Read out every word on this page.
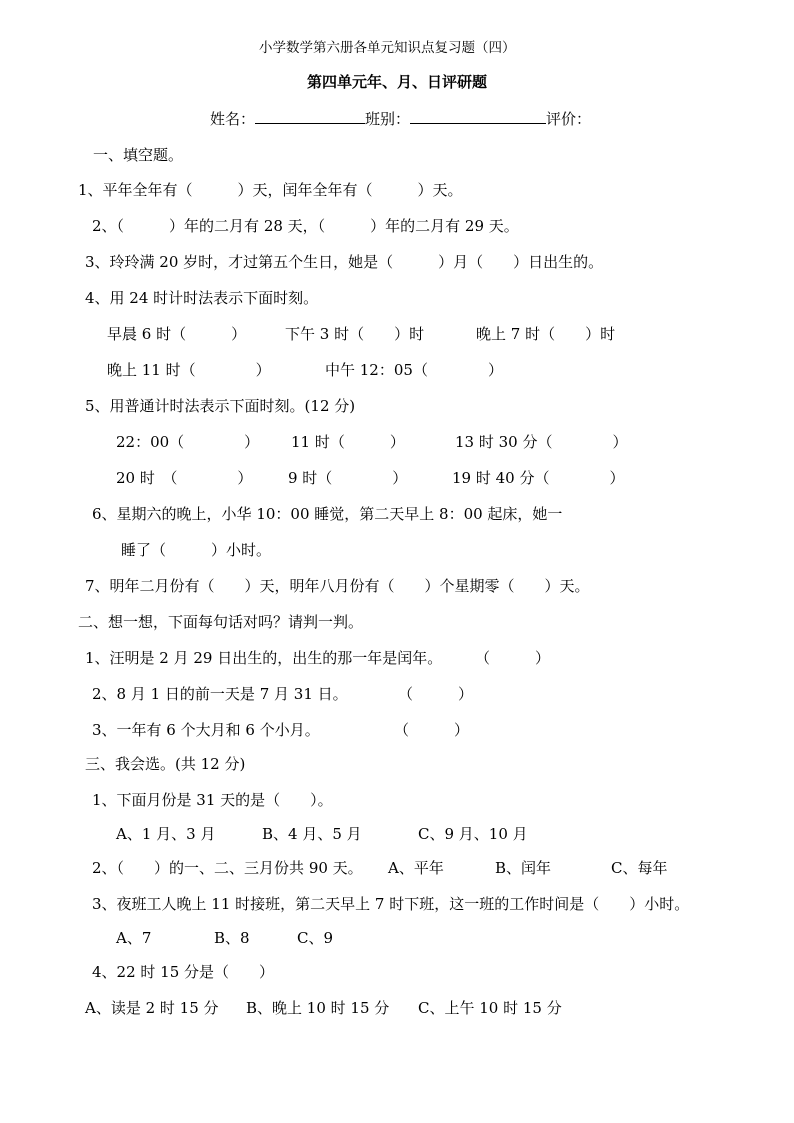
小学数学第六册各单元知识点复习题（四）
第四单元年、月、日评研题
姓名：	班别：	评价：
一、填空题。
1、平年全年有（　　　）天，闰年全年有（　　　）天。
2、（　　　）年的二月有 28 天，（　　　）年的二月有 29 天。
3、玲玲满 20 岁时，才过第五个生日，她是（　　　）月（　　）日出生的。
4、用 24 时计时法表示下面时刻。
早晨 6 时（　　　）	下午 3 时（　　）时	晚上 7 时（　　）时
晚上 11 时（　　　　）	中午 12：05（　　　　）
5、用普通计时法表示下面时刻。(12 分)
22：00（　　　　） 11 时（　　　）	13 时 30 分（　　　　）
20 时　（　　　　） 9 时（　　　　）	19 时 40 分（　　　　）
6、星期六的晚上，小华 10：00 睡觉，第二天早上 8：00 起床，她一
睡了（　　　）小时。
7、明年二月份有（　　）天，明年八月份有（　　）个星期零（　　）天。
二、想一想，下面每句话对吗？请判一判。
1、汪明是 2 月 29 日出生的，出生的那一年是闰年。 （　　　）
2、8 月 1 日的前一天是 7 月 31 日。	（　　　）
3、一年有 6 个大月和 6 个小月。	（　　　）
三、我会选。(共 12 分)
1、下面月份是 31 天的是（　　）。
A、1 月、3 月	B、4 月、5 月	C、9 月、10 月
2、（　　）的一、二、三月份共 90 天。 A、平年	B、闰年	C、每年
3、夜班工人晚上 11 时接班，第二天早上 7 时下班，这一班的工作时间是（　　）小时。
A、7	B、8	C、9
4、22 时 15 分是（　　）
A、读是 2 时 15 分 B、晚上 10 时 15 分 C、上午 10 时 15 分
